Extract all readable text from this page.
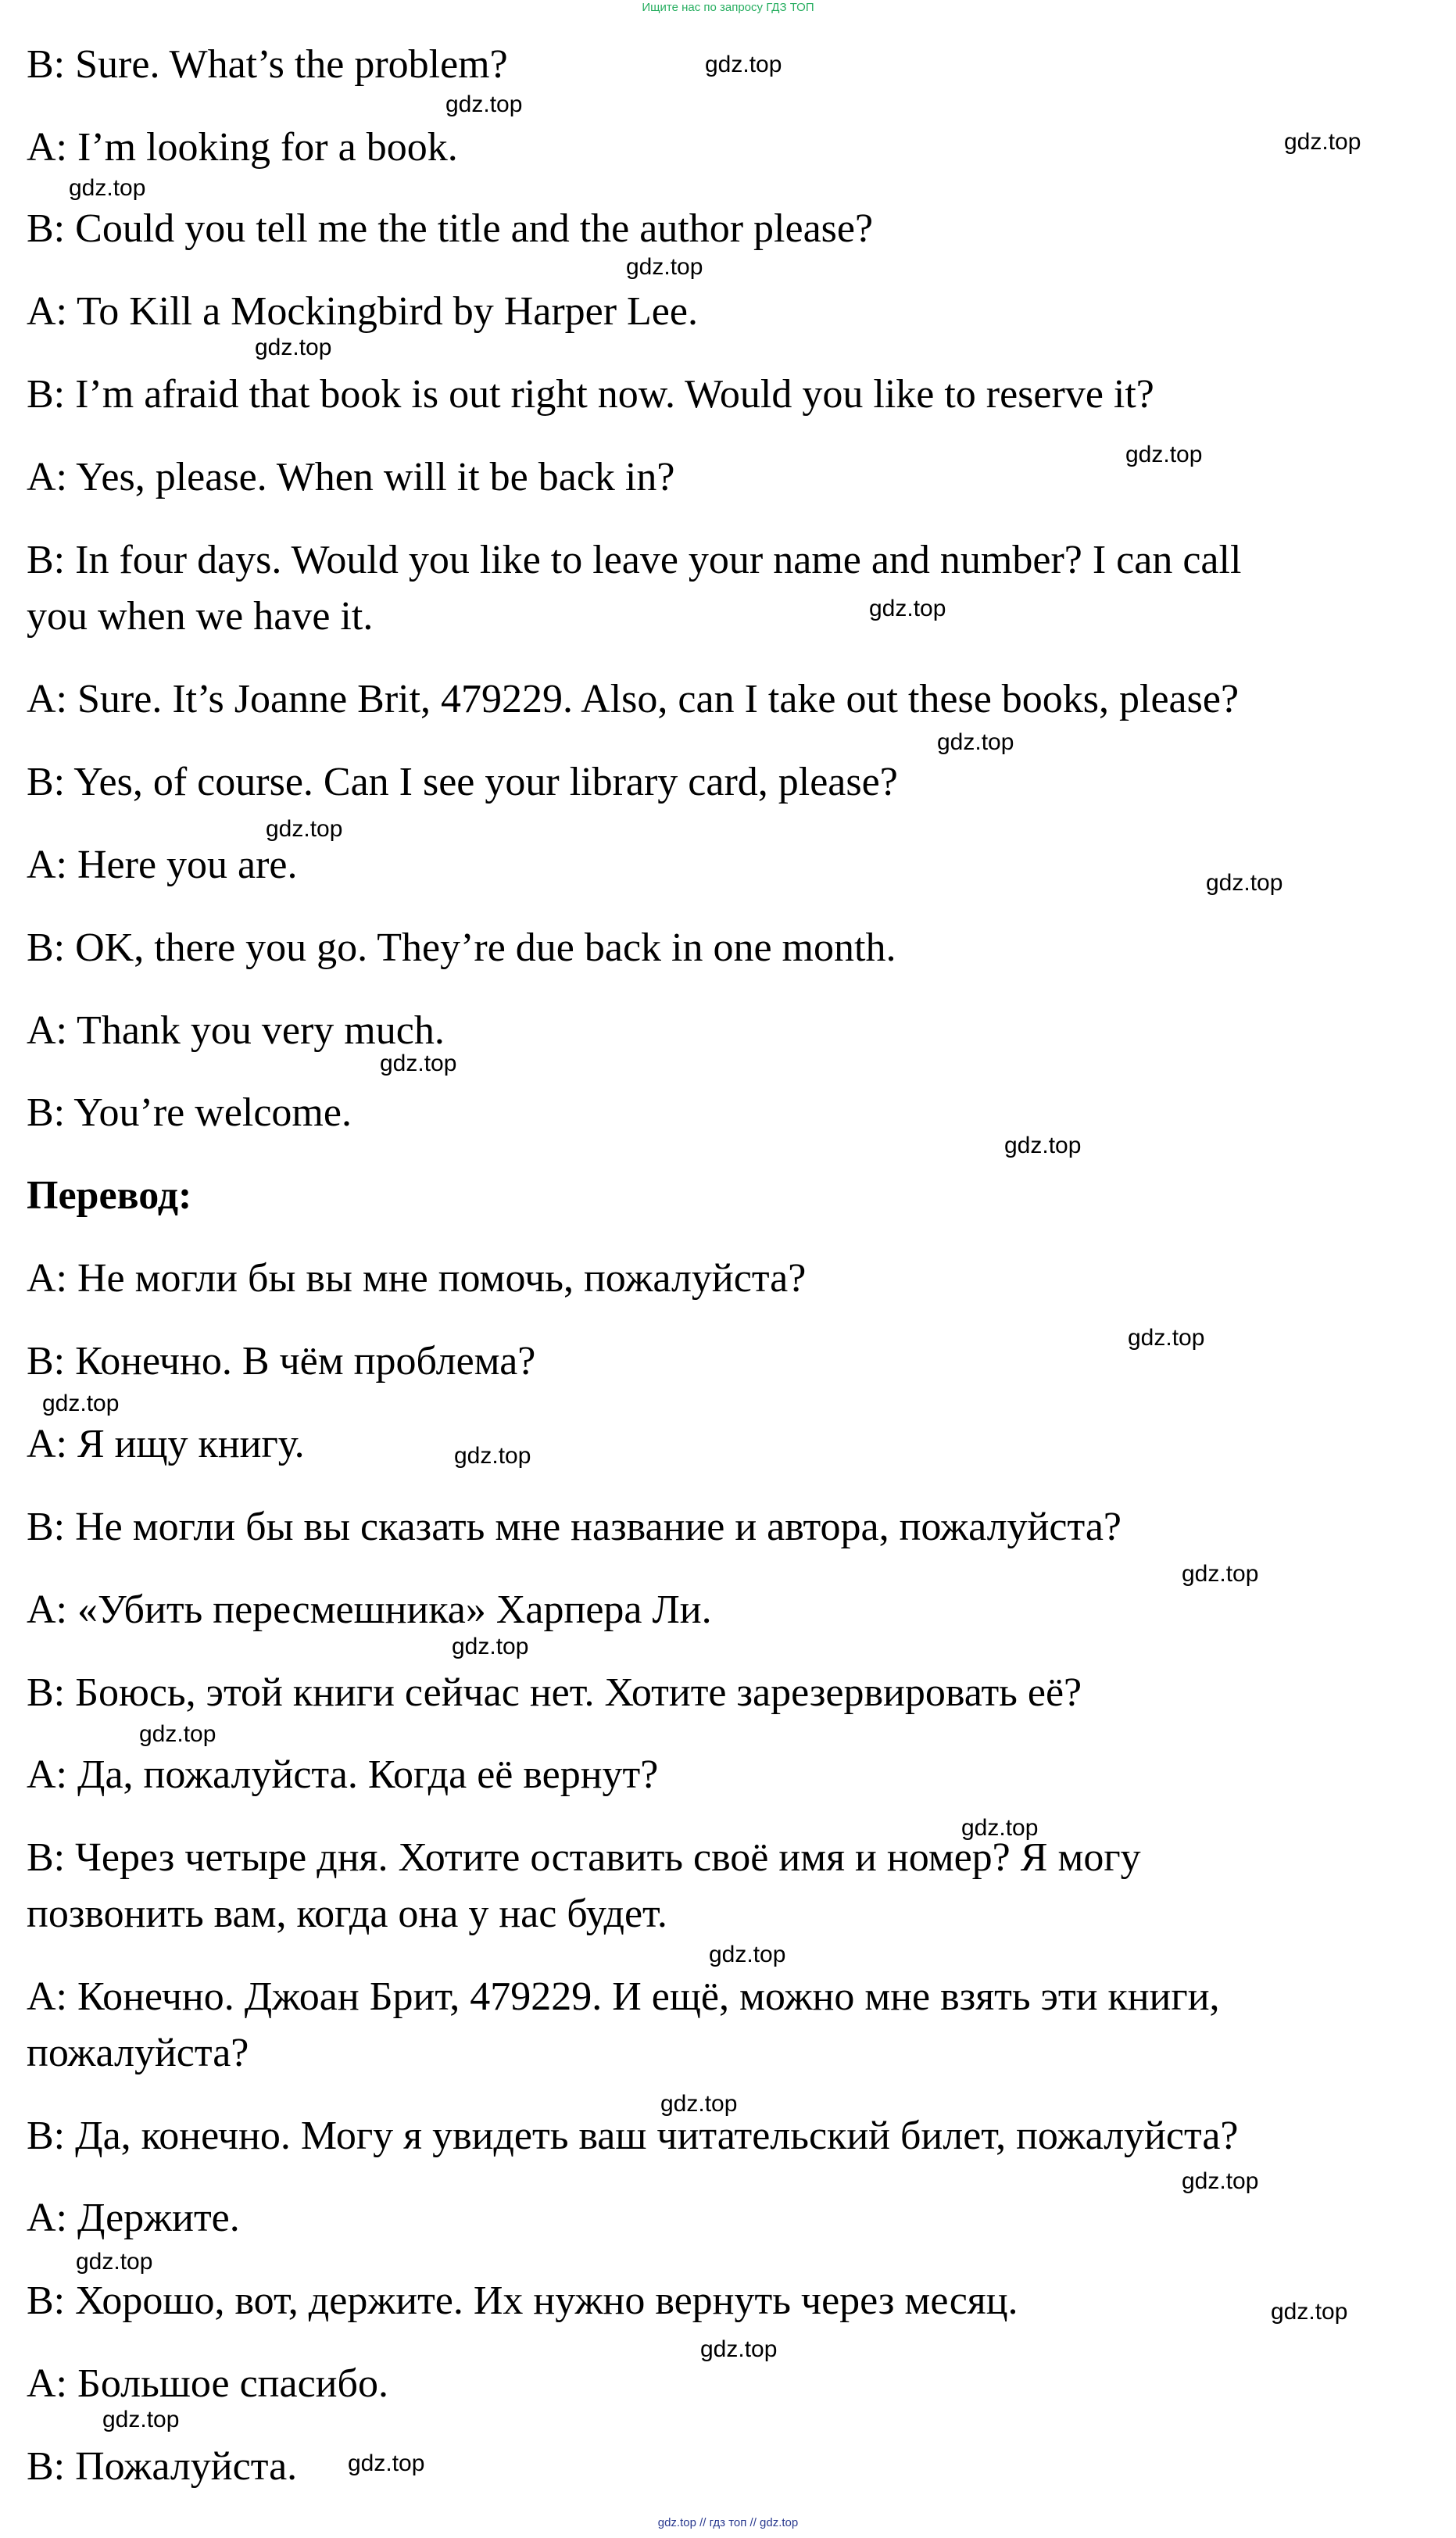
Ищите нас по запросу ГДЗ ТОП
B: Sure. What’s the problem?
A: I’m looking for a book.
B: Could you tell me the title and the author please?
A: To Kill a Mockingbird by Harper Lee.
B: I’m afraid that book is out right now. Would you like to reserve it?
A: Yes, please. When will it be back in?
B: In four days. Would you like to leave your name and number? I can call
you when we have it.
A: Sure. It’s Joanne Brit, 479229. Also, can I take out these books, please?
B: Yes, of course. Can I see your library card, please?
A: Here you are.
B: OK, there you go. They’re due back in one month.
A: Thank you very much.
B: You’re welcome.
Перевод:
А: Не могли бы вы мне помочь, пожалуйста?
В: Конечно. В чём проблема?
А: Я ищу книгу.
В: Не могли бы вы сказать мне название и автора, пожалуйста?
А: «Убить пересмешника» Харпера Ли.
В: Боюсь, этой книги сейчас нет. Хотите зарезервировать её?
А: Да, пожалуйста. Когда её вернут?
В: Через четыре дня. Хотите оставить своё имя и номер? Я могу
позвонить вам, когда она у нас будет.
А: Конечно. Джоан Брит, 479229. И ещё, можно мне взять эти книги,
пожалуйста?
В: Да, конечно. Могу я увидеть ваш читательский билет, пожалуйста?
А: Держите.
В: Хорошо, вот, держите. Их нужно вернуть через месяц.
А: Большое спасибо.
В: Пожалуйста.
gdz.top
gdz.top
gdz.top
gdz.top
gdz.top
gdz.top
gdz.top
gdz.top
gdz.top
gdz.top
gdz.top
gdz.top
gdz.top
gdz.top
gdz.top
gdz.top
gdz.top
gdz.top
gdz.top
gdz.top
gdz.top
gdz.top
gdz.top
gdz.top
gdz.top
gdz.top
gdz.top
gdz.top
gdz.top // гдз топ // gdz.top
